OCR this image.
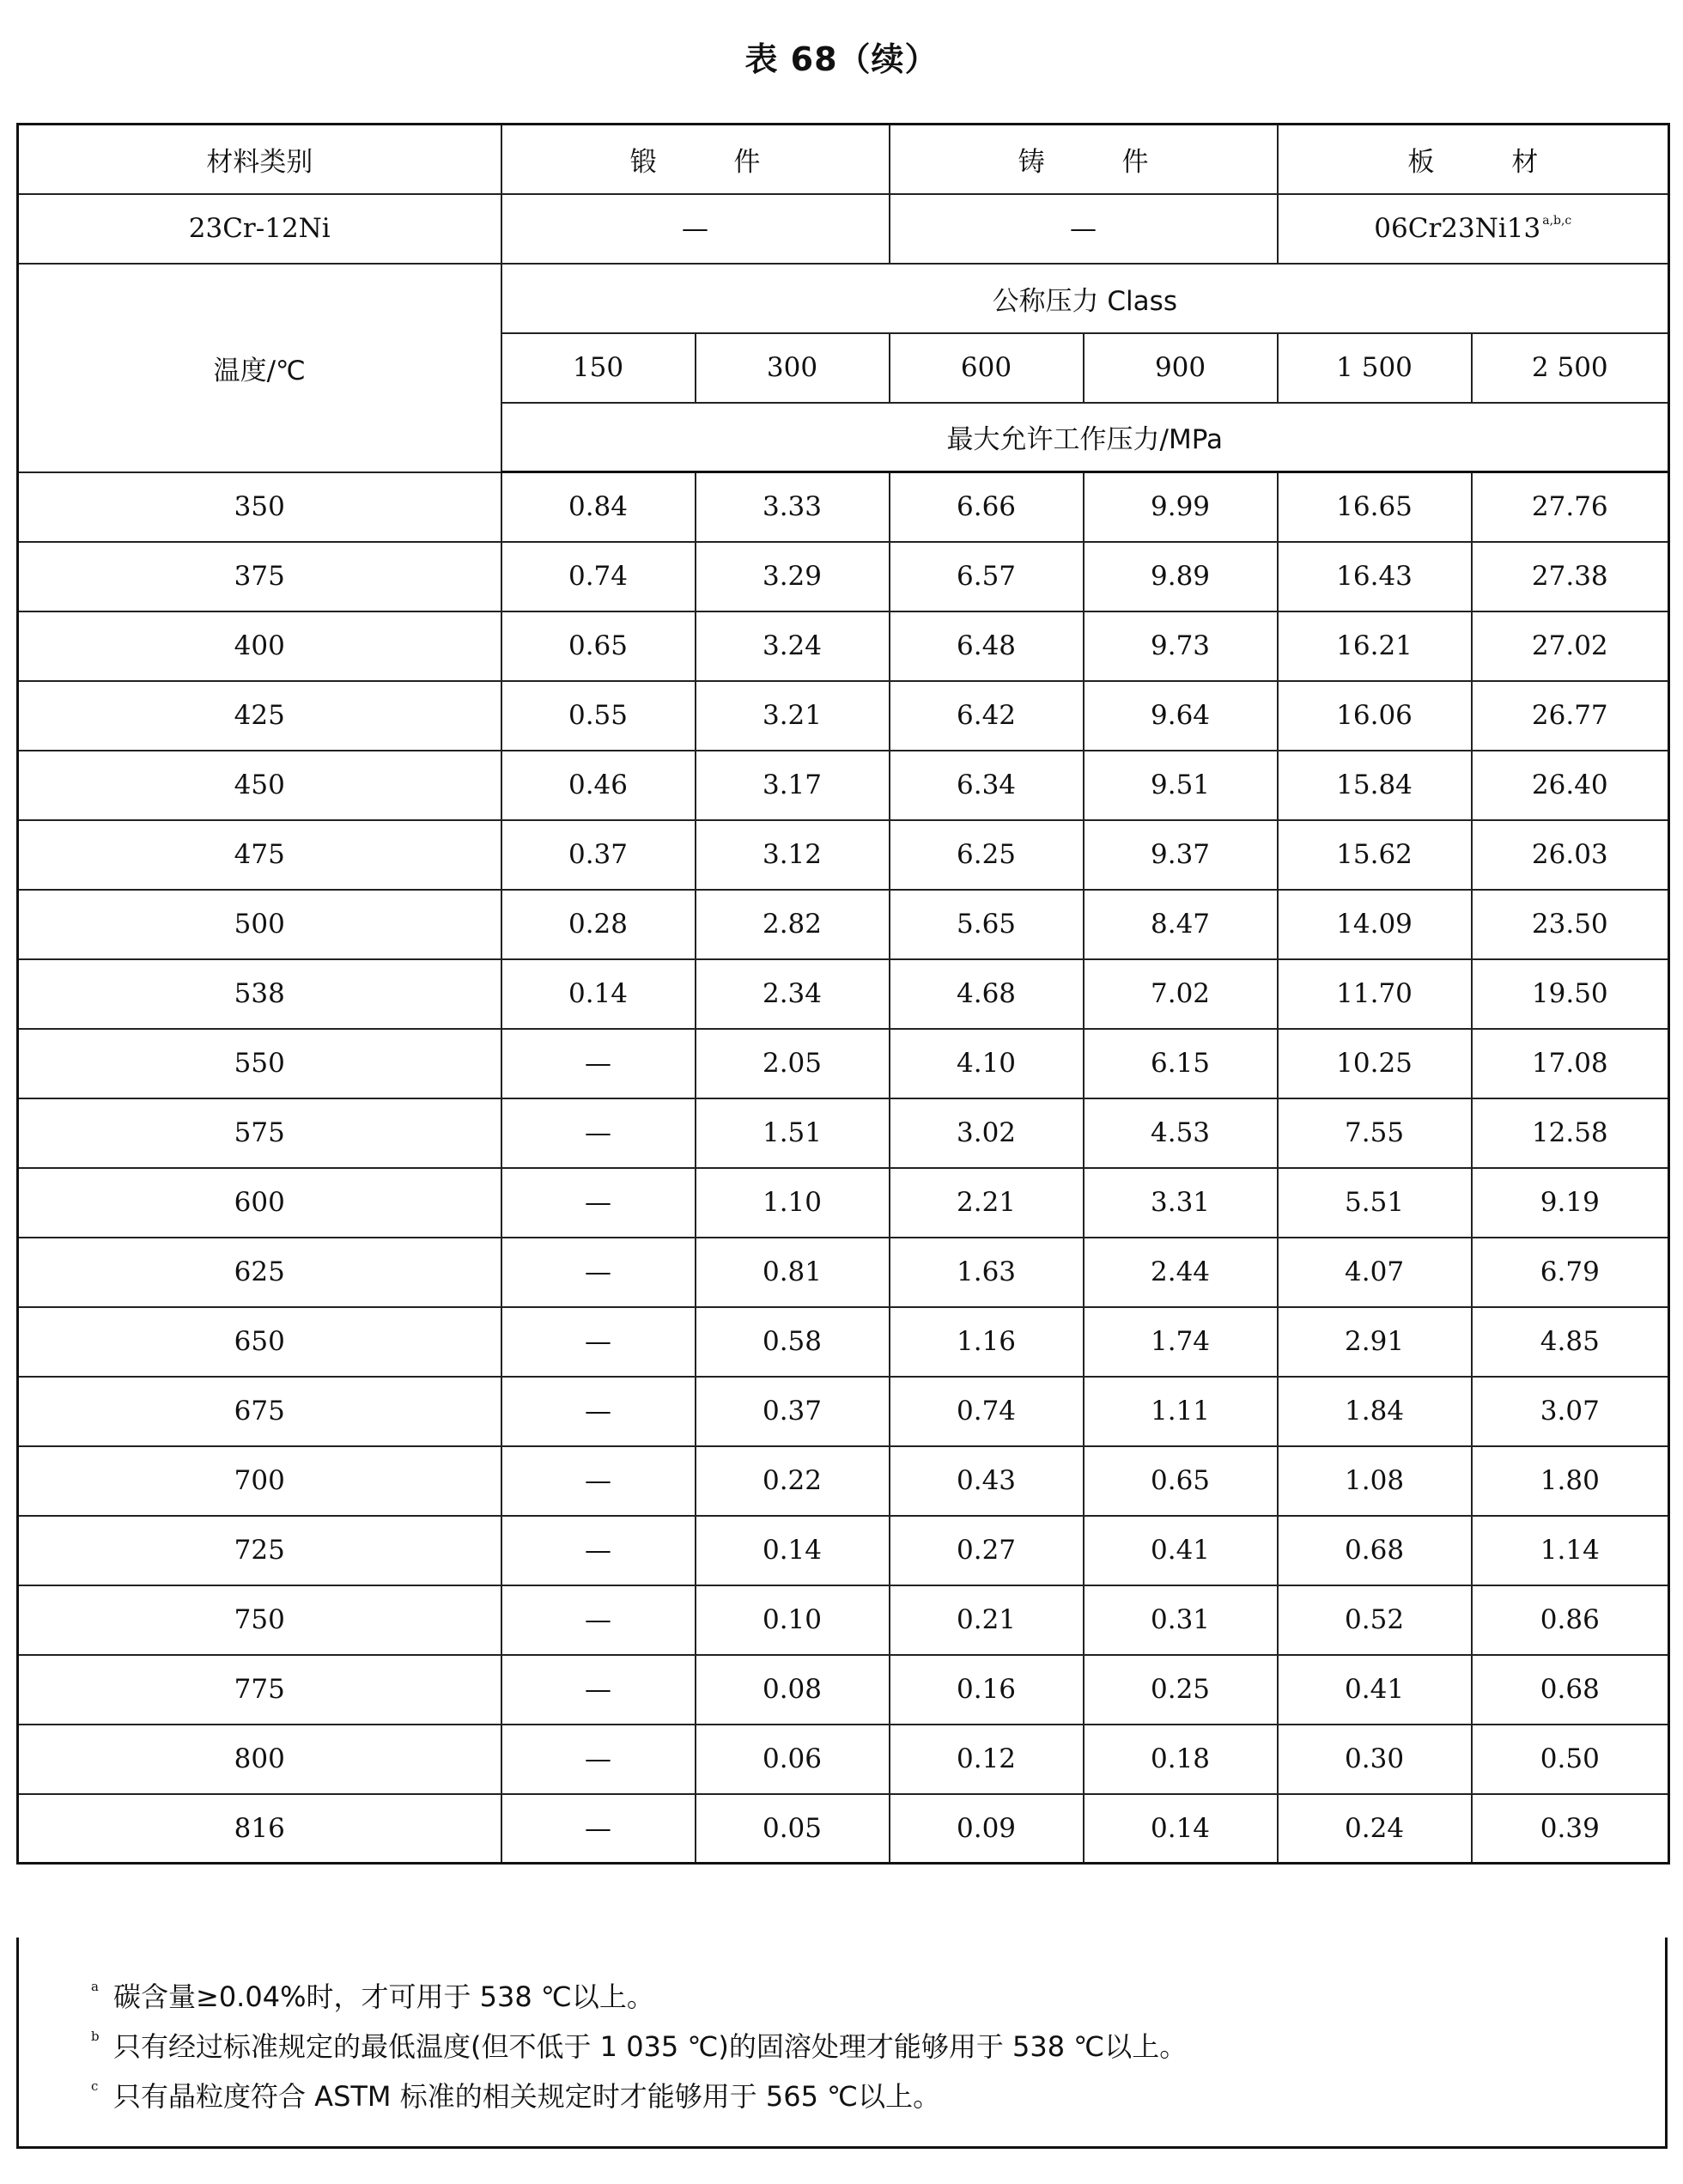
表 68（续）
材料类别	锻 件		铸 件		板 材	
23Cr-12Ni	—		—		06Cr23Ni13 $^{a,b,c}$
温度/℃	公称压力 Class					
	150	300	600	900	1 500	2 500
	最大允许工作压力/MPa					
350	0.84	3.33	6.66	9.99	16.65	27.76
375	0.74	3.29	6.57	9.89	16.43	27.38
400	0.65	3.24	6.48	9.73	16.21	27.02
425	0.55	3.21	6.42	9.64	16.06	26.77
450	0.46	3.17	6.34	9.51	15.84	26.40
475	0.37	3.12	6.25	9.37	15.62	26.03
500	0.28	2.82	5.65	8.47	14.09	23.50
538	0.14	2.34	4.68	7.02	11.70	19.50
550	—	2.05	4.10	6.15	10.25	17.08
575	—	1.51	3.02	4.53	7.55	12.58
600	—	1.10	2.21	3.31	5.51	9.19
625	—	0.81	1.63	2.44	4.07	6.79
650	—	0.58	1.16	1.74	2.91	4.85
675	—	0.37	0.74	1.11	1.84	3.07
700	—	0.22	0.43	0.65	1.08	1.80
725	—	0.14	0.27	0.41	0.68	1.14
750	—	0.10	0.21	0.31	0.52	0.86
775	—	0.08	0.16	0.25	0.41	0.68
800	—	0.06	0.12	0.18	0.30	0.50
816	—	0.05	0.09	0.14	0.24	0.39
a 碳含量≥0.04%时，才可用于 538 ℃以上。
b 只有经过标准规定的最低温度(但不低于 1 035 ℃)的固溶处理才能够用于 538 ℃以上。
c 只有晶粒度符合 ASTM 标准的相关规定时才能够用于 565 ℃以上。
